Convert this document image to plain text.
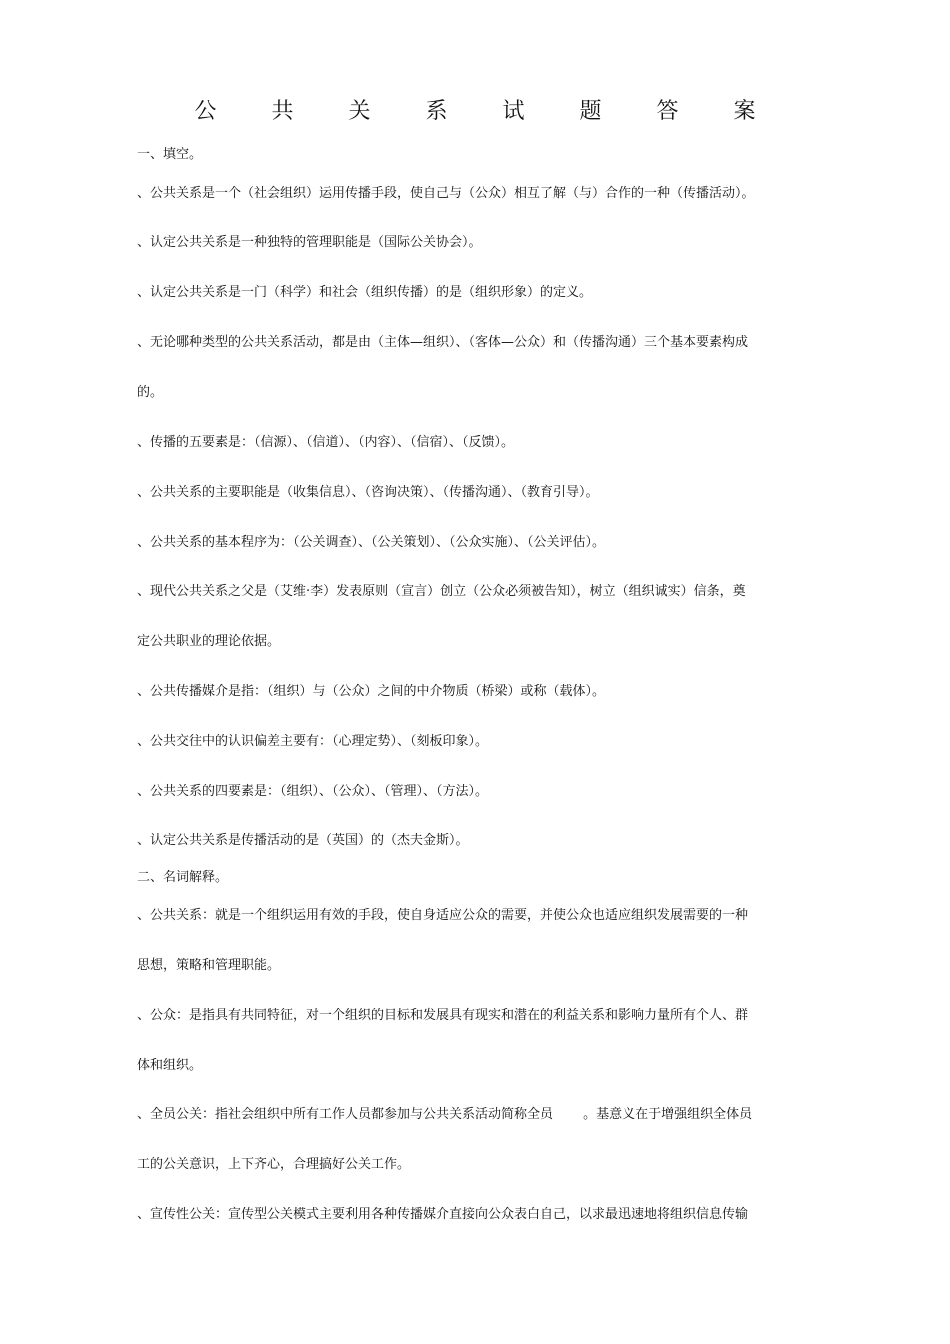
公 共 关 系 试 题 答 案
一、填空。
、公共关系是一个（社会组织）运用传播手段，使自己与（公众）相互了解（与）合作的一种（传播活动）。
、认定公共关系是一种独特的管理职能是（国际公关协会）。
、认定公共关系是一门（科学）和社会（组织传播）的是（组织形象）的定义。
、无论哪种类型的公共关系活动，都是由（主体—组织）、（客体—公众）和（传播沟通）三个基本要素构成
的。
、传播的五要素是：（信源）、（信道）、（内容）、（信宿）、（反馈）。
、公共关系的主要职能是（收集信息）、（咨询决策）、（传播沟通）、（教育引导）。
、公共关系的基本程序为：（公关调查）、（公关策划）、（公众实施）、（公关评估）。
、现代公共关系之父是（艾维·李）发表原则（宣言）创立（公众必须被告知），树立（组织诚实）信条，奠
定公共职业的理论依据。
、公共传播媒介是指：（组织）与（公众）之间的中介物质（桥梁）或称（载体）。
、公共交往中的认识偏差主要有：（心理定势）、（刻板印象）。
、公共关系的四要素是：（组织）、（公众）、（管理）、（方法）。
、认定公共关系是传播活动的是（英国）的（杰夫金斯）。
二、名词解释。
、公共关系：就是一个组织运用有效的手段，使自身适应公众的需要，并使公众也适应组织发展需要的一种
思想，策略和管理职能。
、公众：是指具有共同特征，对一个组织的目标和发展具有现实和潜在的利益关系和影响力量所有个人、群
体和组织。
、全员公关：指社会组织中所有工作人员都参加与公共关系活动简称全员 　　。基意义在于增强组织全体员
工的公关意识，上下齐心，合理搞好公关工作。
、宣传性公关：宣传型公关模式主要利用各种传播媒介直接向公众表白自己，以求最迅速地将组织信息传输
